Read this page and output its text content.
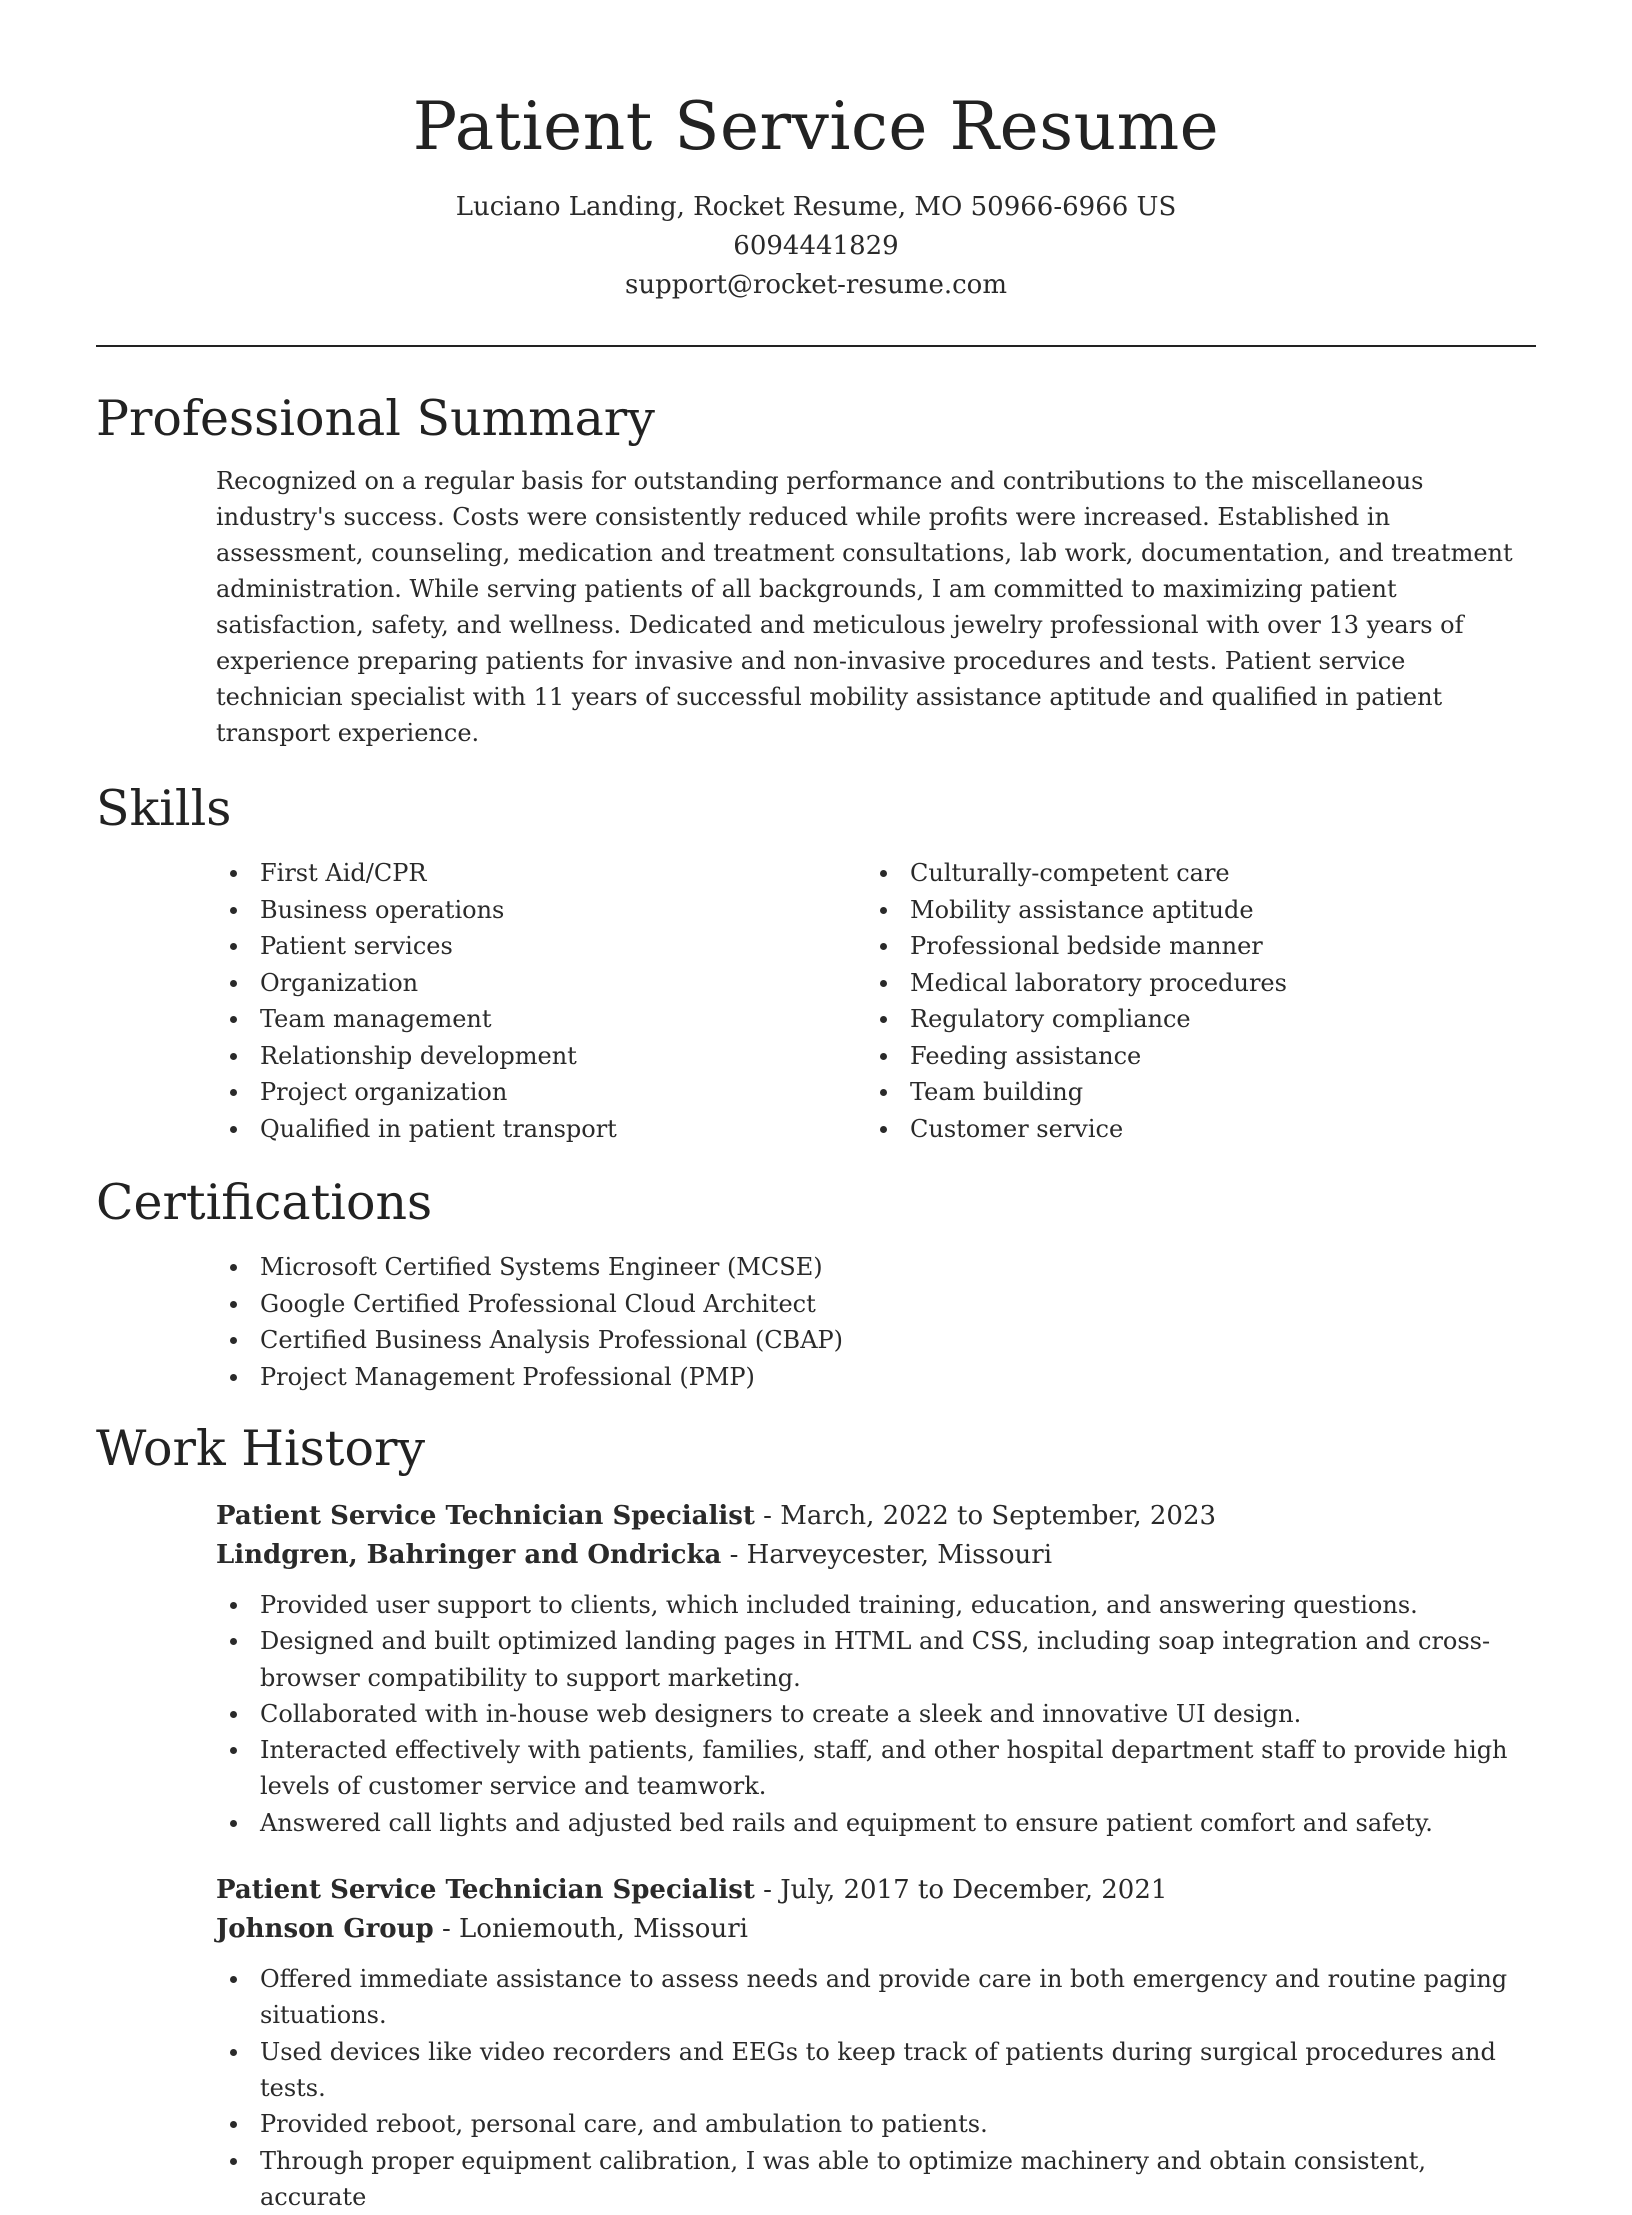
Patient Service Resume
Luciano Landing, Rocket Resume, MO 50966-6966 US
6094441829
support@rocket-resume.com
Professional Summary

Recognized on a regular basis for outstanding performance and contributions to the miscellaneous industry's success. Costs were consistently reduced while profits were increased. Established in assessment, counseling, medication and treatment consultations, lab work, documentation, and treatment administration. While serving patients of all backgrounds, I am committed to maximizing patient satisfaction, safety, and wellness. Dedicated and meticulous jewelry professional with over 13 years of experience preparing patients for invasive and non-invasive procedures and tests. Patient service technician specialist with 11 years of successful mobility assistance aptitude and qualified in patient transport experience.

Skills
First Aid/CPR
Business operations
Patient services
Organization
Team management
Relationship development
Project organization
Qualified in patient transport
Culturally-competent care
Mobility assistance aptitude
Professional bedside manner
Medical laboratory procedures
Regulatory compliance
Feeding assistance
Team building
Customer service
Certifications
Microsoft Certified Systems Engineer (MCSE)
Google Certified Professional Cloud Architect
Certified Business Analysis Professional (CBAP)
Project Management Professional (PMP)
Work History
Patient Service Technician Specialist - March, 2022 to September, 2023
Lindgren, Bahringer and Ondricka - Harveycester, Missouri
Provided user support to clients, which included training, education, and answering questions.
Designed and built optimized landing pages in HTML and CSS, including soap integration and cross-browser compatibility to support marketing.
Collaborated with in-house web designers to create a sleek and innovative UI design.
Interacted effectively with patients, families, staff, and other hospital department staff to provide high levels of customer service and teamwork.
Answered call lights and adjusted bed rails and equipment to ensure patient comfort and safety.
Patient Service Technician Specialist - July, 2017 to December, 2021
Johnson Group - Loniemouth, Missouri
Offered immediate assistance to assess needs and provide care in both emergency and routine paging situations.
Used devices like video recorders and EEGs to keep track of patients during surgical procedures and tests.
Provided reboot, personal care, and ambulation to patients.
Through proper equipment calibration, I was able to optimize machinery and obtain consistent, accurate
